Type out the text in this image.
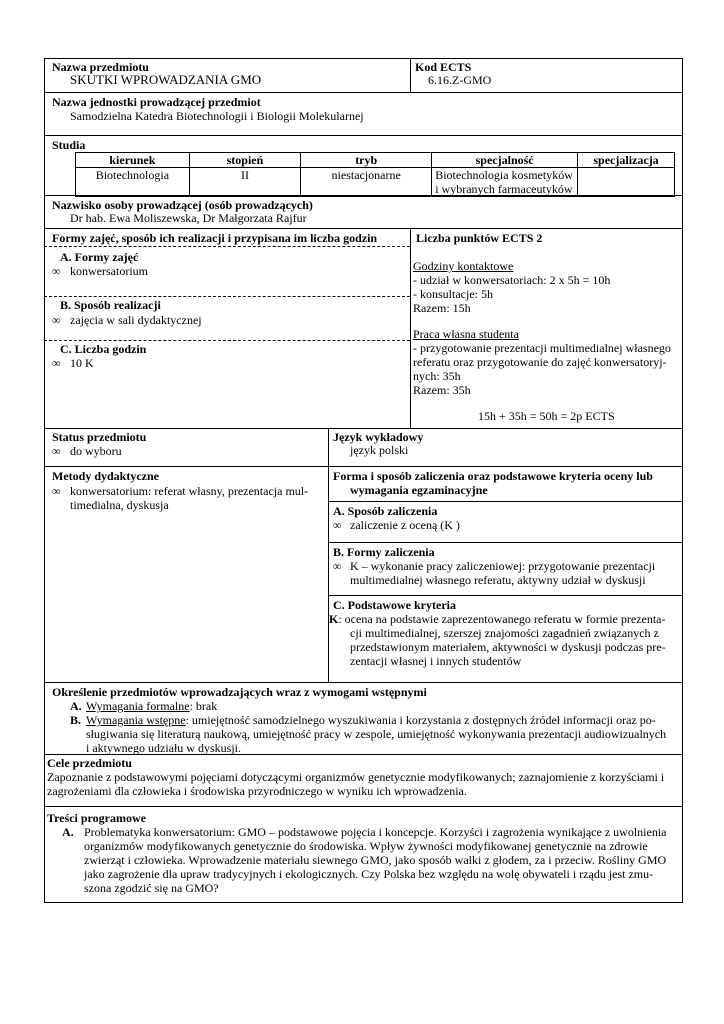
Nazwa przedmiotu
SKUTKI WPROWADZANIA GMO
Kod ECTS
6.16.Z-GMO
Nazwa jednostki prowadzącej przedmiot
Samodzielna Katedra Biotechnologii i Biologii Molekularnej
Studia
kierunek	stopień	tryb	specjalność	specjalizacja
Biotechnologia	II	niestacjonarne	Biotechnologia kosmetyków i wybranych farmaceutyków	
Nazwisko osoby prowadzącej (osób prowadzących)
Dr hab. Ewa Moliszewska, Dr Małgorzata Rajfur
Formy zajęć, sposób ich realizacji i przypisana im liczba godzin
A. Formy zajęć
∞ konwersatorium
B. Sposób realizacji
∞ zajęcia w sali dydaktycznej
C. Liczba godzin
∞ 10 K
Liczba punktów ECTS 2
Godziny kontaktowe
- udział w konwersatoriach: 2 x 5h = 10h
- konsultacje: 5h
Razem: 15h
Praca własna studenta
- przygotowanie prezentacji multimedialnej własnego
referatu oraz przygotowanie do zajęć konwersatoryj-
nych: 35h
Razem: 35h
15h + 35h = 50h = 2p ECTS
Status przedmiotu
∞ do wyboru
Język wykładowy
język polski
Metody dydaktyczne
∞ konwersatorium: referat własny, prezentacja mul-
timedialna, dyskusja
Forma i sposób zaliczenia oraz podstawowe kryteria oceny lub
wymagania egzaminacyjne
A. Sposób zaliczenia
∞ zaliczenie z oceną (K )
B. Formy zaliczenia
∞ K – wykonanie pracy zaliczeniowej: przygotowanie prezentacji
multimedialnej własnego referatu, aktywny udział w dyskusji
C. Podstawowe kryteria
K: ocena na podstawie zaprezentowanego referatu w formie prezenta-
cji multimedialnej, szerszej znajomości zagadnień związanych z
przedstawionym materiałem, aktywności w dyskusji podczas pre-
zentacji własnej i innych studentów
Określenie przedmiotów wprowadzających wraz z wymogami wstępnymi
A. Wymagania formalne: brak
B. Wymagania wstępne: umiejętność samodzielnego wyszukiwania i korzystania z dostępnych źródeł informacji oraz po-
sługiwania się literaturą naukową, umiejętność pracy w zespole, umiejętność wykonywania prezentacji audiowizualnych
i aktywnego udziału w dyskusji.
Cele przedmiotu
Zapoznanie z podstawowymi pojęciami dotyczącymi organizmów genetycznie modyfikowanych; zaznajomienie z korzyściami i
zagrożeniami dla człowieka i środowiska przyrodniczego w wyniku ich wprowadzenia.
Treści programowe
A. Problematyka konwersatorium: GMO – podstawowe pojęcia i koncepcje. Korzyści i zagrożenia wynikające z uwolnienia
organizmów modyfikowanych genetycznie do środowiska. Wpływ żywności modyfikowanej genetycznie na zdrowie
zwierząt i człowieka. Wprowadzenie materiału siewnego GMO, jako sposób walki z głodem, za i przeciw. Rośliny GMO
jako zagrożenie dla upraw tradycyjnych i ekologicznych. Czy Polska bez względu na wolę obywateli i rządu jest zmu-
szona zgodzić się na GMO?
